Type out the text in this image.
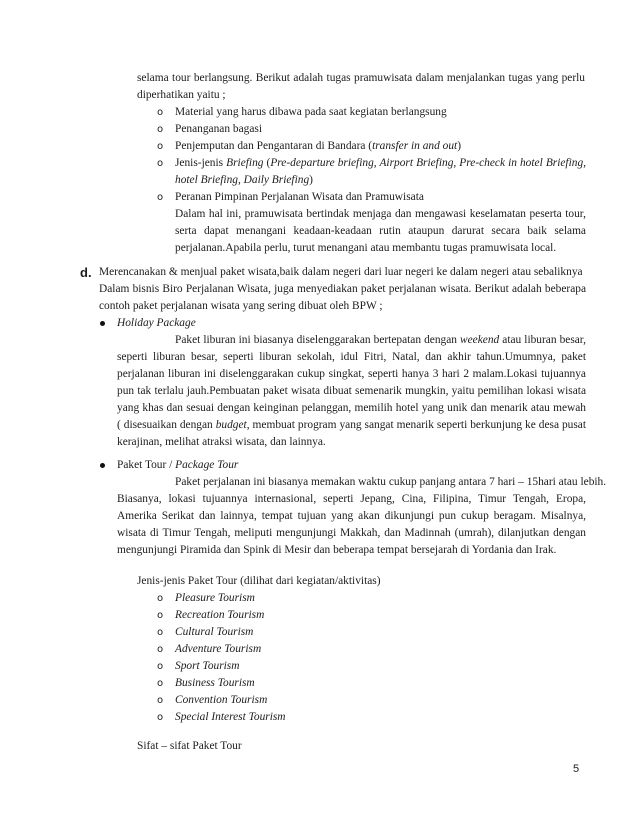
selama tour berlangsung. Berikut adalah tugas pramuwisata dalam menjalankan tugas yang perlu
diperhatikan yaitu ;
o Material yang harus dibawa pada saat kegiatan berlangsung
o Penanganan bagasi
o Penjemputan dan Pengantaran di Bandara (transfer in and out)
o Jenis-jenis Briefing (Pre-departure briefing, Airport Briefing, Pre-check in hotel Briefing,
hotel Briefing, Daily Briefing)
o Peranan Pimpinan Perjalanan Wisata dan Pramuwisata
Dalam hal ini, pramuwisata bertindak menjaga dan mengawasi keselamatan peserta tour,
serta dapat menangani keadaan-keadaan rutin ataupun darurat secara baik selama
perjalanan.Apabila perlu, turut menangani atau membantu tugas pramuwisata local.
d. Merencanakan & menjual paket wisata,baik dalam negeri dari luar negeri ke dalam negeri atau sebaliknya
Dalam bisnis Biro Perjalanan Wisata, juga menyediakan paket perjalanan wisata. Berikut adalah beberapa
contoh paket perjalanan wisata yang sering dibuat oleh BPW ;
Holiday Package
Paket liburan ini biasanya diselenggarakan bertepatan dengan weekend atau liburan besar,
seperti liburan besar, seperti liburan sekolah, idul Fitri, Natal, dan akhir tahun.Umumnya, paket
perjalanan liburan ini diselenggarakan cukup singkat, seperti hanya 3 hari 2 malam.Lokasi tujuannya
pun tak terlalu jauh.Pembuatan paket wisata dibuat semenarik mungkin, yaitu pemilihan lokasi wisata
yang khas dan sesuai dengan keinginan pelanggan, memilih hotel yang unik dan menarik atau mewah
( disesuaikan dengan budget, membuat program yang sangat menarik seperti berkunjung ke desa pusat
kerajinan, melihat atraksi wisata, dan lainnya.
Paket Tour / Package Tour
Paket perjalanan ini biasanya memakan waktu cukup panjang antara 7 hari – 15hari atau lebih.
Biasanya, lokasi tujuannya internasional, seperti Jepang, Cina, Filipina, Timur Tengah, Eropa,
Amerika Serikat dan lainnya, tempat tujuan yang akan dikunjungi pun cukup beragam. Misalnya,
wisata di Timur Tengah, meliputi mengunjungi Makkah, dan Madinnah (umrah), dilanjutkan dengan
mengunjungi Piramida dan Spink di Mesir dan beberapa tempat bersejarah di Yordania dan Irak.
Jenis-jenis Paket Tour (dilihat dari kegiatan/aktivitas)
o Pleasure Tourism
o Recreation Tourism
o Cultural Tourism
o Adventure Tourism
o Sport Tourism
o Business Tourism
o Convention Tourism
o Special Interest Tourism
Sifat – sifat Paket Tour
5
